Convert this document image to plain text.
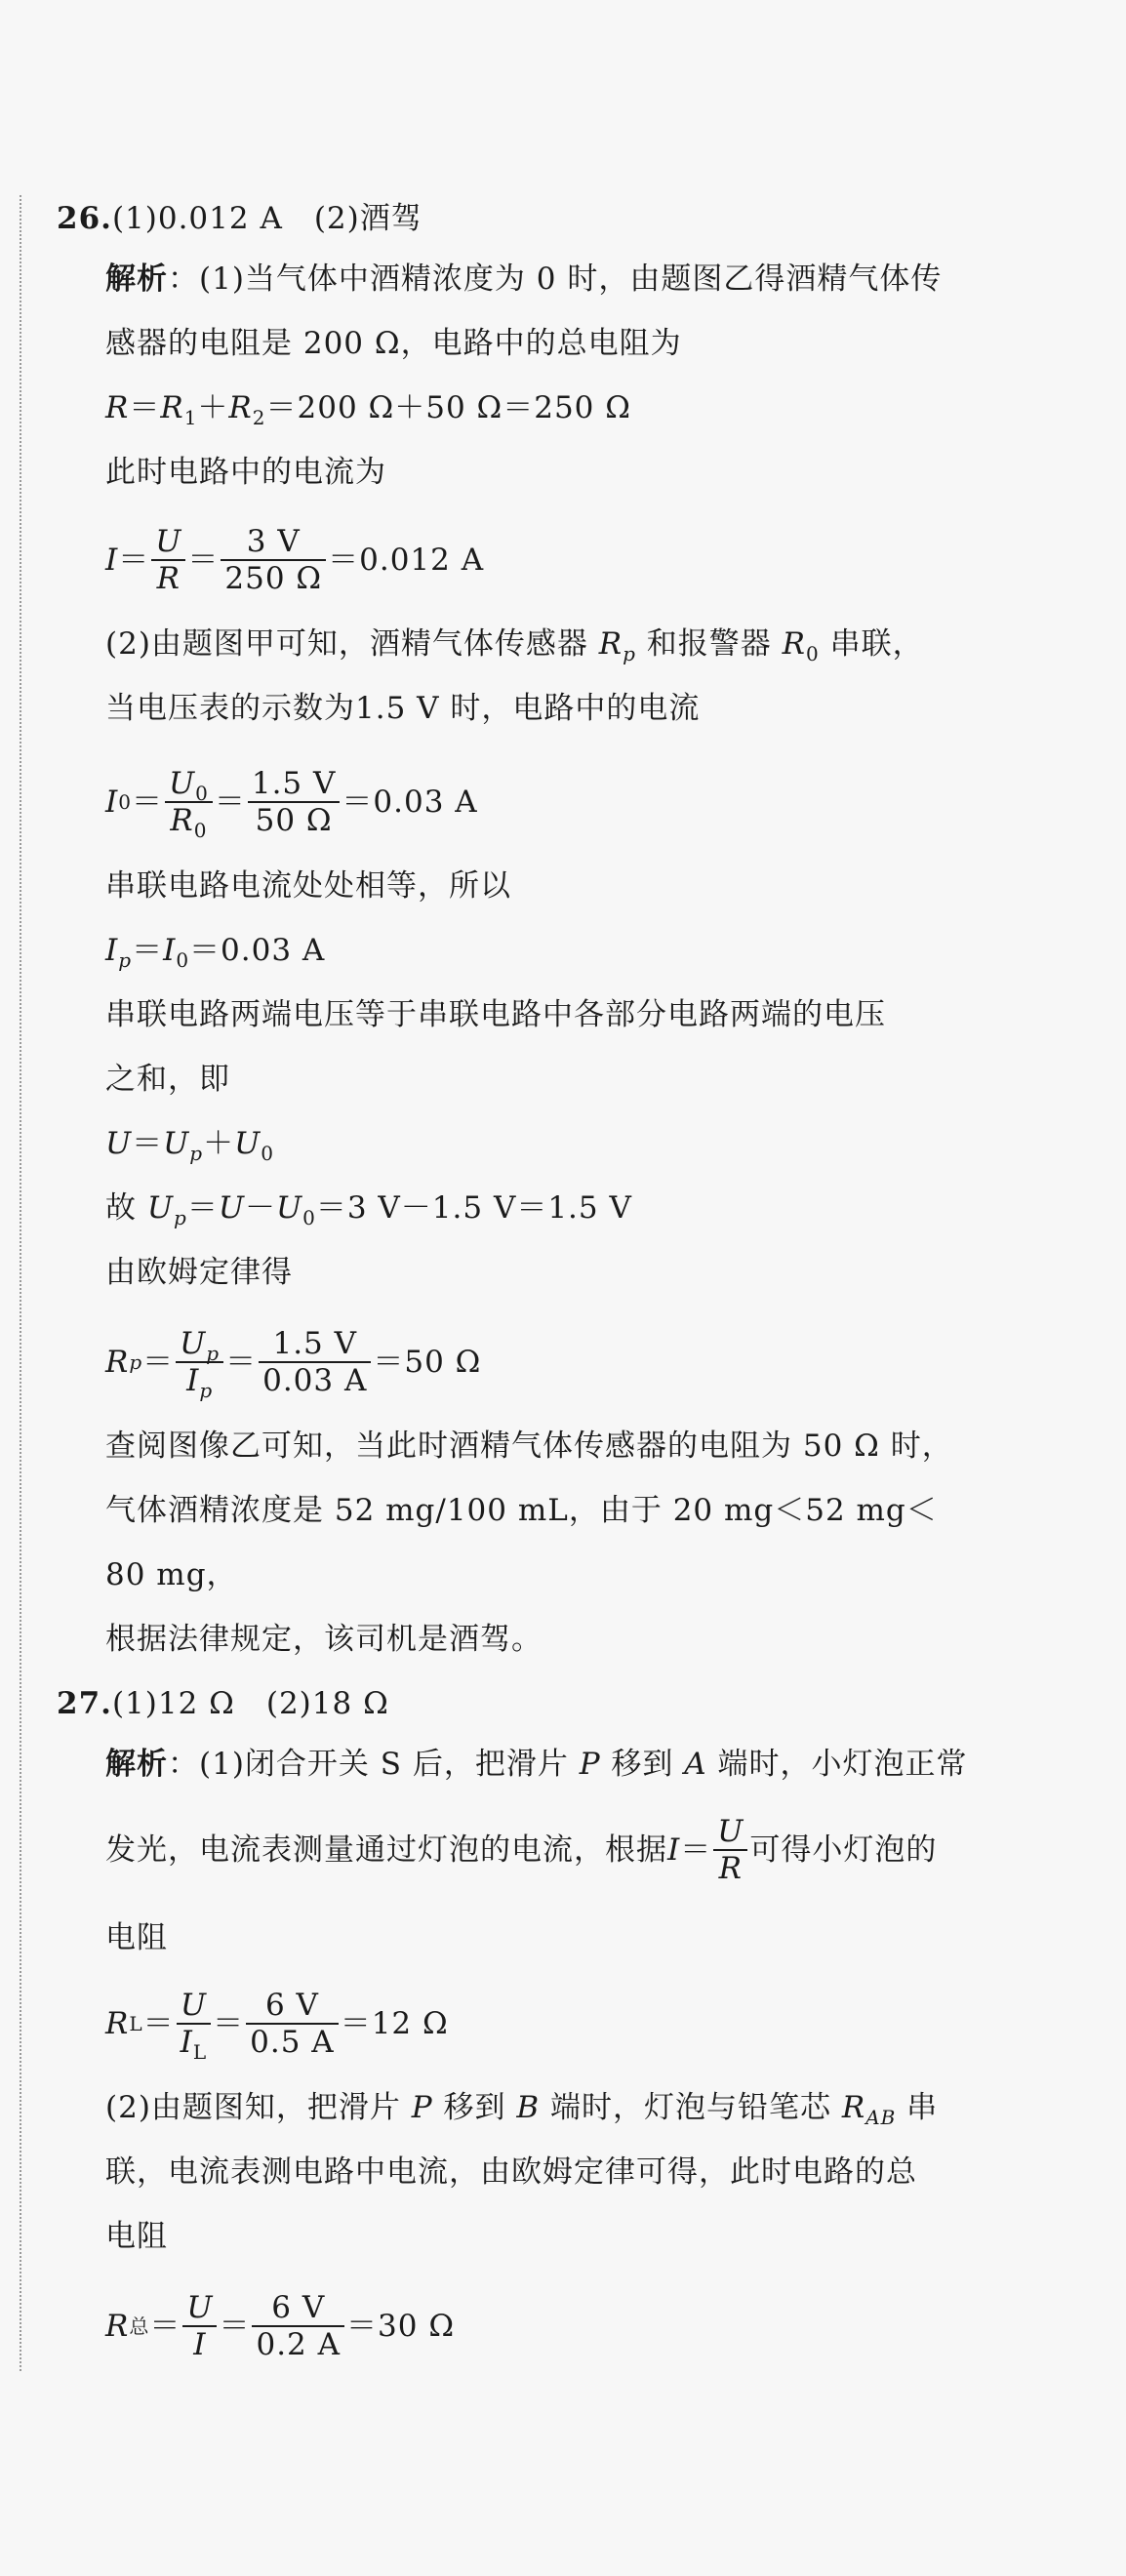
26.(1)0.012 A　(2)酒驾
解析：(1)当气体中酒精浓度为 0 时，由题图乙得酒精气体传
感器的电阻是 200 Ω，电路中的总电阻为
$R=R_1+R_2=200$ Ω＋50 Ω＝250 Ω
此时电路中的电流为
$I = \frac{U}{R} = \frac{3 V}{250 \Omega} =0.012$ A
(2)由题图甲可知，酒精气体传感器 $R_p$ 和报警器 $R_0$ 串联，
当电压表的示数为1.5 V 时，电路中的电流
I $0 = \frac{U_0}{R_0} = \frac{1.5 V}{50 \Omega} =0.03$ A
串联电路电流处处相等，所以
$I_p=I_0=0.03$ A
串联电路两端电压等于串联电路中各部分电路两端的电压
之和，即
$U=U_p+U_0$
故 $U_p=U-U_0=3$ V－1.5 V＝1.5 V
由欧姆定律得
R $p = \frac{U_p}{I_p} = \frac{1.5 V}{0.03 A} =50$ Ω
查阅图像乙可知，当此时酒精气体传感器的电阻为 50 Ω 时，
气体酒精浓度是 52 mg/100 mL，由于 20 mg＜52 mg＜
80 mg，
根据法律规定，该司机是酒驾。
27.(1)12 Ω　(2)18 Ω
解析：(1)闭合开关 S 后，把滑片 P 移到 A 端时，小灯泡正常
发光，电流表测量通过灯泡的电流，根据 $I = \frac{U}{R}$ 可得小灯泡的
电阻
R $L = \frac{U}{I_L} = \frac{6 V}{0.5 A} =12$ Ω
(2)由题图知，把滑片 P 移到 B 端时，灯泡与铅笔芯 $R_{AB}$ 串
联，电流表测电路中电流，由欧姆定律可得，此时电路的总
电阻
R 总 ＝ $\frac{U}{I} = \frac{6 V}{0.2 A} =30$ Ω
